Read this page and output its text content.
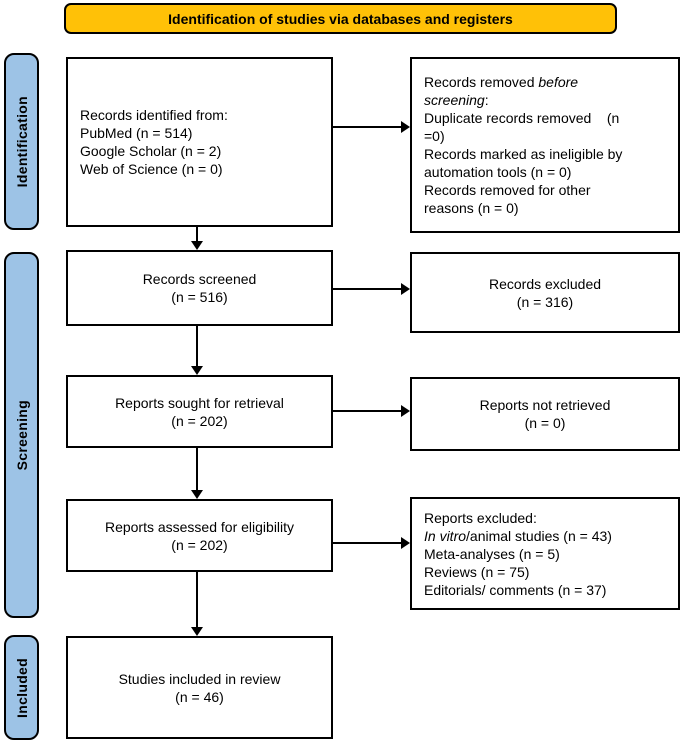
Identification of studies via databases and registers
Identification
Screening
Included
Records identified from:
PubMed (n = 514)
Google Scholar (n = 2)
Web of Science (n = 0)
Records removed before
screening:
Duplicate records removed    (n
=0)
Records marked as ineligible by
automation tools (n = 0)
Records removed for other
reasons (n = 0)
Records screened
(n = 516)
Records excluded
(n = 316)
Reports sought for retrieval
(n = 202)
Reports not retrieved
(n = 0)
Reports assessed for eligibility
(n = 202)
Reports excluded:
In vitro/animal studies (n = 43)
Meta-analyses (n = 5)
Reviews (n = 75)
Editorials/ comments (n = 37)
Studies included in review
(n = 46)
